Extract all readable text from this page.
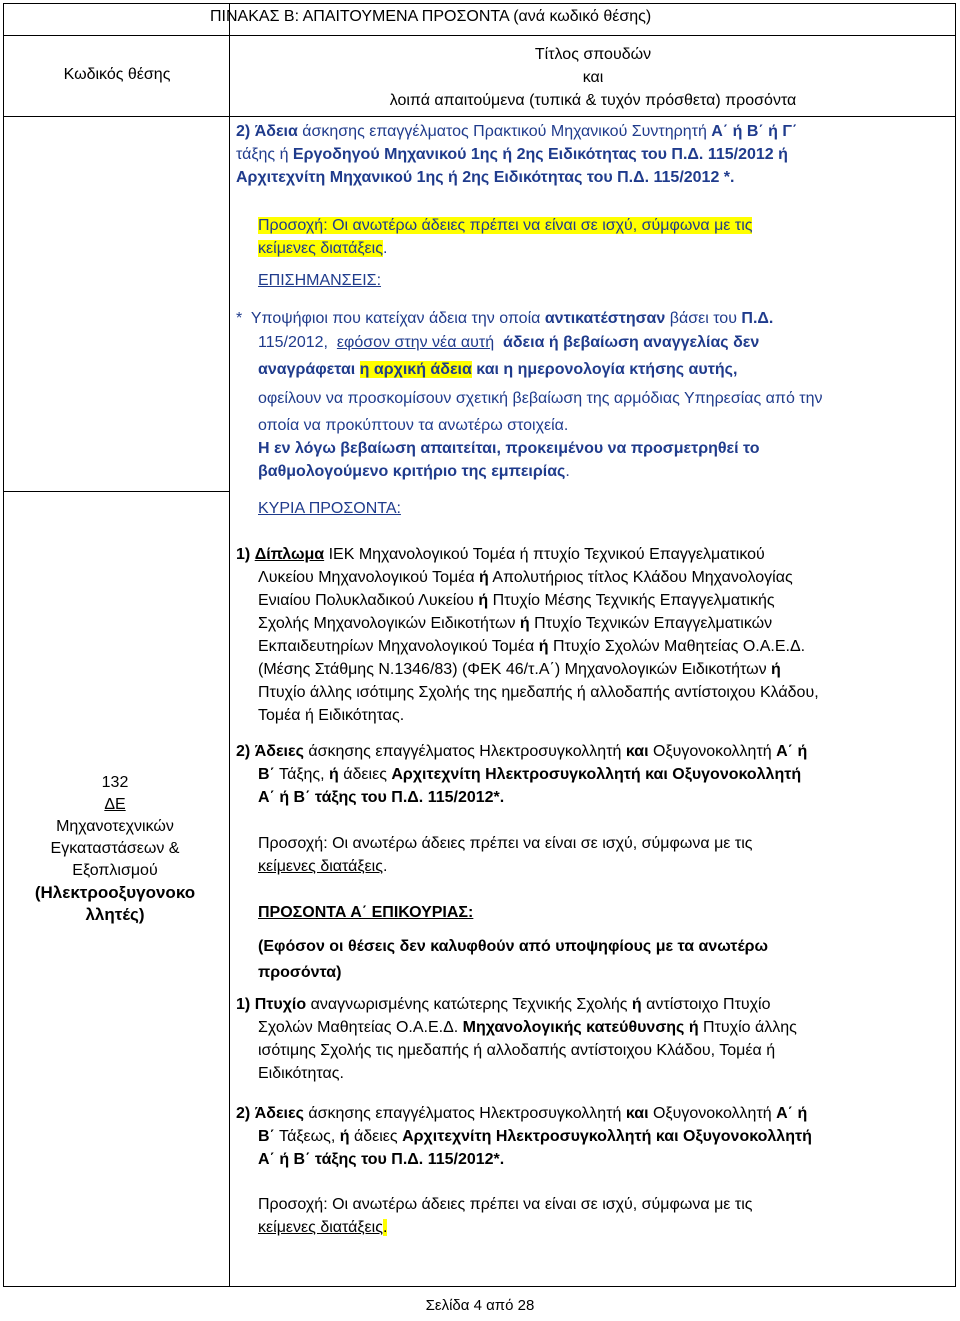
ΠΙΝΑΚΑΣ Β: ΑΠΑΙΤΟΥΜΕΝΑ ΠΡΟΣΟΝΤΑ (ανά κωδικό θέσης)
Κωδικός θέσης
Τίτλος σπουδών
και
λοιπά απαιτούμενα (τυπικά & τυχόν πρόσθετα) προσόντα

2) Άδεια άσκησης επαγγέλματος Πρακτικού Μηχανικού Συντηρητή Α΄ ή Β΄ ή Γ΄

τάξης ή Εργοδηγού Μηχανικού 1ης ή 2ης Ειδικότητας του Π.Δ. 115/2012 ή

Αρχιτεχνίτη Μηχανικού 1ης ή 2ης Ειδικότητας του Π.Δ. 115/2012 *.

Προσοχή: Οι ανωτέρω άδειες πρέπει να είναι σε ισχύ, σύμφωνα με τις

κείμενες διατάξεις.
ΕΠΙΣΗΜΑΝΣΕΙΣ:

* Υποψήφιοι που κατείχαν άδεια την οποία αντικατέστησαν βάσει του Π.Δ.

115/2012, εφόσον στην νέα αυτή άδεια ή βεβαίωση αναγγελίας δεν

αναγράφεται η αρχική άδεια και η ημερονολογία κτήσης αυτής,

οφείλουν να προσκομίσουν σχετική βεβαίωση της αρμόδιας Υπηρεσίας από την

οποία να προκύπτουν τα ανωτέρω στοιχεία.

Η εν λόγω βεβαίωση απαιτείται, προκειμένου να προσμετρηθεί το

βαθμολογούμενο κριτήριο της εμπειρίας.

ΚΥΡΙΑ ΠΡΟΣΟΝΤΑ:
132
ΔΕ
Μηχανοτεχνικών
Εγκαταστάσεων &
Εξοπλισμού
(Ηλεκτροοξυγονοκο
λλητές)

1) Δίπλωμα ΙΕΚ Μηχανολογικού Τομέα ή πτυχίο Τεχνικού Επαγγελματικού

Λυκείου Μηχανολογικού Τομέα ή Απολυτήριος τίτλος Κλάδου Μηχανολογίας

Ενιαίου Πολυκλαδικού Λυκείου ή Πτυχίο Μέσης Τεχνικής Επαγγελματικής

Σχολής Μηχανολογικών Ειδικοτήτων ή Πτυχίο Τεχνικών Επαγγελματικών

Εκπαιδευτηρίων Μηχανολογικού Τομέα ή Πτυχίο Σχολών Μαθητείας Ο.Α.Ε.Δ.

(Μέσης Στάθμης Ν.1346/83) (ΦΕΚ 46/τ.Α΄) Μηχανολογικών Ειδικοτήτων ή

Πτυχίο άλλης ισότιμης Σχολής της ημεδαπής ή αλλοδαπής αντίστοιχου Κλάδου,

Τομέα ή Ειδικότητας.

2) Άδειες άσκησης επαγγέλματος Ηλεκτροσυγκολλητή και Οξυγονοκολλητή Α΄ ή

Β΄ Τάξης, ή άδειες Αρχιτεχνίτη Ηλεκτροσυγκολλητή και Οξυγονοκολλητή

Α΄ ή Β΄ τάξης του Π.Δ. 115/2012*.

Προσοχή: Οι ανωτέρω άδειες πρέπει να είναι σε ισχύ, σύμφωνα με τις

κείμενες διατάξεις.

ΠΡΟΣΟΝΤΑ Α΄ ΕΠΙΚΟΥΡΙΑΣ:

(Εφόσον οι θέσεις δεν καλυφθούν από υποψηφίους με τα ανωτέρω

προσόντα)

1) Πτυχίο αναγνωρισμένης κατώτερης Τεχνικής Σχολής ή αντίστοιχο Πτυχίο

Σχολών Μαθητείας Ο.Α.Ε.Δ. Μηχανολογικής κατεύθυνσης ή Πτυχίο άλλης

ισότιμης Σχολής τις ημεδαπής ή αλλοδαπής αντίστοιχου Κλάδου, Τομέα ή

Ειδικότητας.

2) Άδειες άσκησης επαγγέλματος Ηλεκτροσυγκολλητή και Οξυγονοκολλητή Α΄ ή

Β΄ Τάξεως, ή άδειες Αρχιτεχνίτη Ηλεκτροσυγκολλητή και Οξυγονοκολλητή

Α΄ ή Β΄ τάξης του Π.Δ. 115/2012*.

Προσοχή: Οι ανωτέρω άδειες πρέπει να είναι σε ισχύ, σύμφωνα με τις

κείμενες διατάξεις.

Σελίδα 4 από 28
